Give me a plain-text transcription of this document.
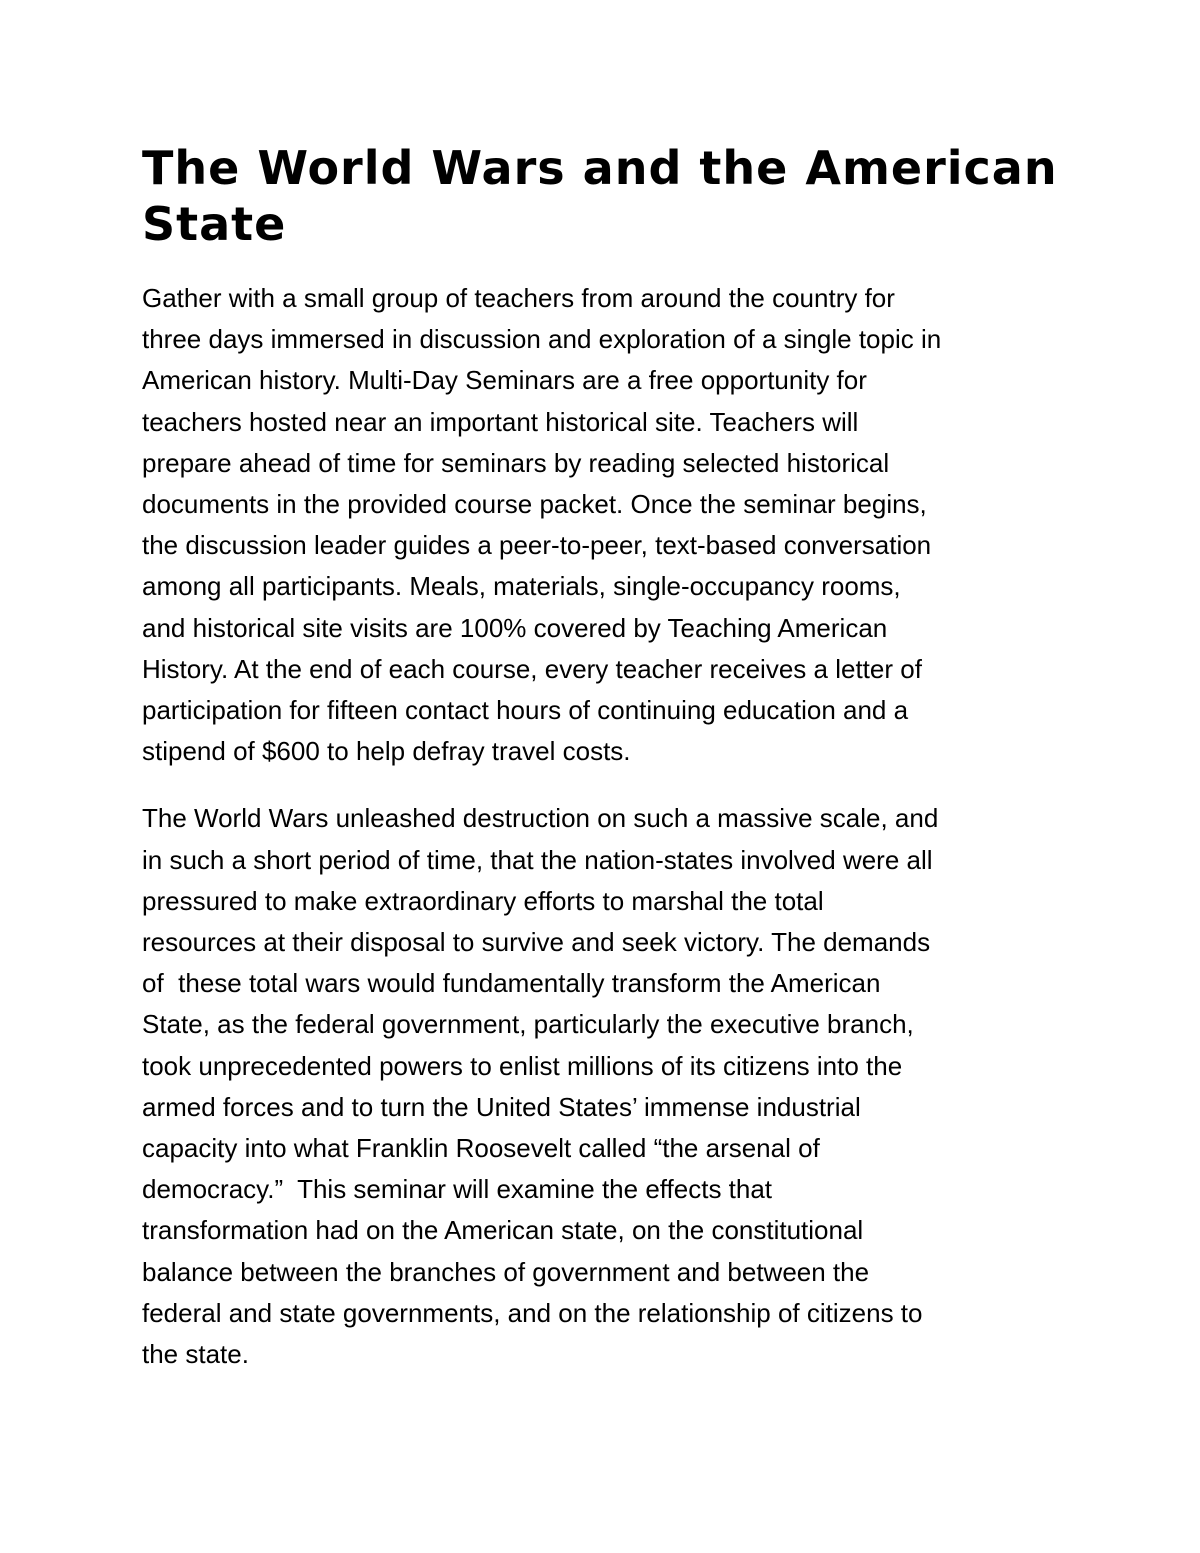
The World Wars and the American
State

Gather with a small group of teachers from around the country for
three days immersed in discussion and exploration of a single topic in
American history. Multi-Day Seminars are a free opportunity for
teachers hosted near an important historical site. Teachers will
prepare ahead of time for seminars by reading selected historical
documents in the provided course packet. Once the seminar begins,
the discussion leader guides a peer-to-peer, text-based conversation
among all participants. Meals, materials, single-occupancy rooms,
and historical site visits are 100% covered by Teaching American
History. At the end of each course, every teacher receives a letter of
participation for fifteen contact hours of continuing education and a
stipend of $600 to help defray travel costs.

The World Wars unleashed destruction on such a massive scale, and
in such a short period of time, that the nation-states involved were all
pressured to make extraordinary efforts to marshal the total
resources at their disposal to survive and seek victory. The demands
of  these total wars would fundamentally transform the American
State, as the federal government, particularly the executive branch,
took unprecedented powers to enlist millions of its citizens into the
armed forces and to turn the United States’ immense industrial
capacity into what Franklin Roosevelt called “the arsenal of
democracy.”  This seminar will examine the effects that
transformation had on the American state, on the constitutional
balance between the branches of government and between the
federal and state governments, and on the relationship of citizens to
the state.
